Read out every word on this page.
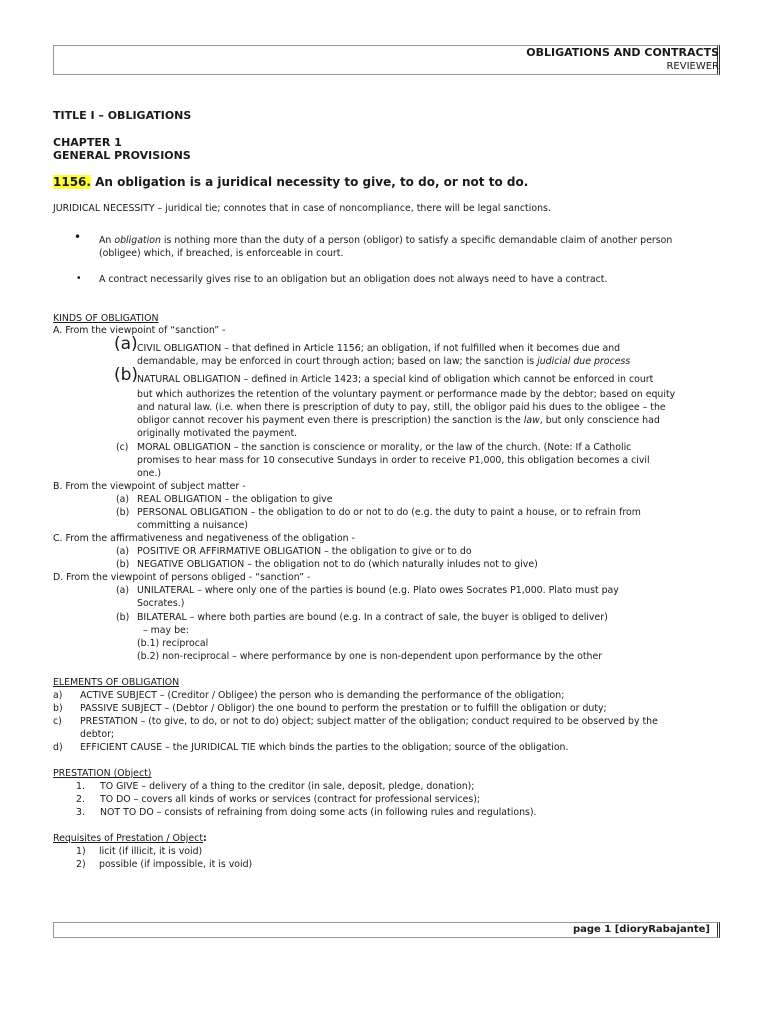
OBLIGATIONS AND CONTRACTS
REVIEWER
TITLE I – OBLIGATIONS
CHAPTER 1
GENERAL PROVISIONS
1156. An obligation is a juridical necessity to give, to do, or not to do.
JURIDICAL NECESSITY – juridical tie; connotes that in case of noncompliance, there will be legal sanctions.
• An obligation is nothing more than the duty of a person (obligor) to satisfy a specific demandable claim of another person
(obligee) which, if breached, is enforceable in court.
• A contract necessarily gives rise to an obligation but an obligation does not always need to have a contract.
KINDS OF OBLIGATION
A. From the viewpoint of “sanction” -
(a) CIVIL OBLIGATION – that defined in Article 1156; an obligation, if not fulfilled when it becomes due and
demandable, may be enforced in court through action; based on law; the sanction is judicial due process
(b)
NATURAL OBLIGATION – defined in Article 1423; a special kind of obligation which cannot be enforced in court
but which authorizes the retention of the voluntary payment or performance made by the debtor; based on equity
and natural law. (i.e. when there is prescription of duty to pay, still, the obligor paid his dues to the obligee – the
obligor cannot recover his payment even there is prescription) the sanction is the law, but only conscience had
originally motivated the payment.
(c) MORAL OBLIGATION – the sanction is conscience or morality, or the law of the church. (Note: If a Catholic
promises to hear mass for 10 consecutive Sundays in order to receive P1,000, this obligation becomes a civil
one.)
B. From the viewpoint of subject matter -
(a) REAL OBLIGATION – the obligation to give
(b) PERSONAL OBLIGATION – the obligation to do or not to do (e.g. the duty to paint a house, or to refrain from
committing a nuisance)
C. From the affirmativeness and negativeness of the obligation -
(a) POSITIVE OR AFFIRMATIVE OBLIGATION – the obligation to give or to do
(b) NEGATIVE OBLIGATION – the obligation not to do (which naturally inludes not to give)
D. From the viewpoint of persons obliged - “sanction” -
(a) UNILATERAL – where only one of the parties is bound (e.g. Plato owes Socrates P1,000. Plato must pay
Socrates.)
(b) BILATERAL – where both parties are bound (e.g. In a contract of sale, the buyer is obliged to deliver)
– may be:
(b.1) reciprocal
(b.2) non-reciprocal – where performance by one is non-dependent upon performance by the other
ELEMENTS OF OBLIGATION
a) ACTIVE SUBJECT – (Creditor / Obligee) the person who is demanding the performance of the obligation;
b) PASSIVE SUBJECT – (Debtor / Obligor) the one bound to perform the prestation or to fulfill the obligation or duty;
c) PRESTATION – (to give, to do, or not to do) object; subject matter of the obligation; conduct required to be observed by the
debtor;
d) EFFICIENT CAUSE – the JURIDICAL TIE which binds the parties to the obligation; source of the obligation.
PRESTATION (Object)
1. TO GIVE – delivery of a thing to the creditor (in sale, deposit, pledge, donation);
2. TO DO – covers all kinds of works or services (contract for professional services);
3. NOT TO DO – consists of refraining from doing some acts (in following rules and regulations).
Requisites of Prestation / Object:
1) licit (if illicit, it is void)
2) possible (if impossible, it is void)
page 1 [dioryRabajante]
